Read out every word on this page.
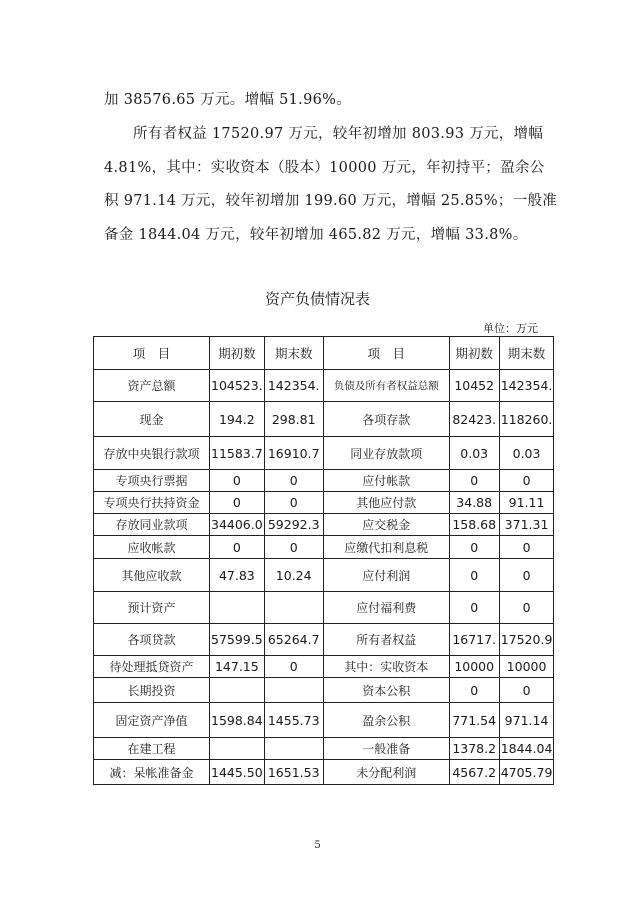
加 38576.65 万元。增幅 51.96%。

所有者权益 17520.97 万元，较年初增加 803.93 万元，增幅 4.81%，其中：实收资本（股本）10000 万元，年初持平；盈余公积 971.14 万元，较年初增加 199.60 万元，增幅 25.85%；一般准备金 1844.04 万元，较年初增加 465.82 万元，增幅 33.8%。

资产负债情况表
单位：万元
项　目	期初数	期末数	项　目	期初数	期末数
资产总额	104523.	142354.	负债及所有者权益总额	10452	142354.
现金	194.2	298.81	各项存款	82423.	118260.
存放中央银行款项	11583.7	16910.7	同业存放款项	0.03	0.03
专项央行票据	0	0	应付帐款	0	0
专项央行扶持资金	0	0	其他应付款	34.88	91.11
存放同业款项	34406.0	59292.3	应交税金	158.68	371.31
应收帐款	0	0	应缴代扣利息税	0	0
其他应收款	47.83	10.24	应付利润	0	0
预计资产			应付福利费	0	0
各项贷款	57599.5	65264.7	所有者权益	16717.	17520.9
待处理抵贷资产	147.15	0	其中：实收资本	10000	10000
长期投资			资本公积	0	0
固定资产净值	1598.84	1455.73	盈余公积	771.54	971.14
在建工程			一般准备	1378.2	1844.04
减：呆帐准备金	1445.50	1651.53	未分配利润	4567.2	4705.79
5
